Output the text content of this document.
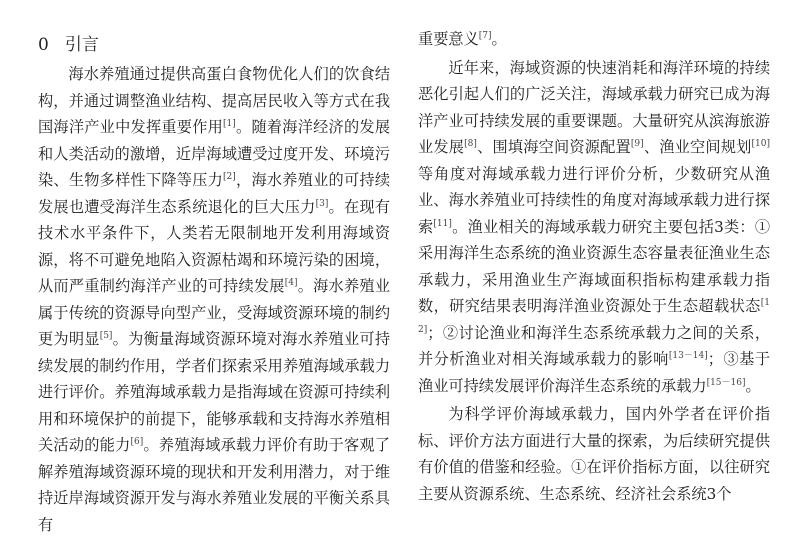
0 引言

海水养殖通过提供高蛋白食物优化人们的饮食结构，并通过调整渔业结构、提高居民收入等方式在我国海洋产业中发挥重要作用[1]。随着海洋经济的发展和人类活动的激增，近岸海域遭受过度开发、环境污染、生物多样性下降等压力[2]，海水养殖业的可持续发展也遭受海洋生态系统退化的巨大压力[3]。在现有技术水平条件下，人类若无限制地开发利用海域资源，将不可避免地陷入资源枯竭和环境污染的困境，从而严重制约海洋产业的可持续发展[4]。海水养殖业属于传统的资源导向型产业，受海域资源环境的制约更为明显[5]。为衡量海域资源环境对海水养殖业可持续发展的制约作用，学者们探索采用养殖海域承载力进行评价。养殖海域承载力是指海域在资源可持续利用和环境保护的前提下，能够承载和支持海水养殖相关活动的能力[6]。养殖海域承载力评价有助于客观了解养殖海域资源环境的现状和开发利用潜力，对于维持近岸海域资源开发与海水养殖业发展的平衡关系具有

重要意义[7]。

近年来，海域资源的快速消耗和海洋环境的持续恶化引起人们的广泛关注，海域承载力研究已成为海洋产业可持续发展的重要课题。大量研究从滨海旅游业发展[8]、围填海空间资源配置[9]、渔业空间规划[10]等角度对海域承载力进行评价分析，少数研究从渔业、海水养殖业可持续性的角度对海域承载力进行探索[11]。渔业相关的海域承载力研究主要包括3类：①采用海洋生态系统的渔业资源生态容量表征渔业生态承载力，采用渔业生产海域面积指标构建承载力指数，研究结果表明海洋渔业资源处于生态超载状态[12]；②讨论渔业和海洋生态系统承载力之间的关系，并分析渔业对相关海域承载力的影响[13－14]；③基于渔业可持续发展评价海洋生态系统的承载力[15－16]。

为科学评价海域承载力，国内外学者在评价指标、评价方法方面进行大量的探索，为后续研究提供有价值的借鉴和经验。①在评价指标方面，以往研究主要从资源系统、生态系统、经济社会系统3个
